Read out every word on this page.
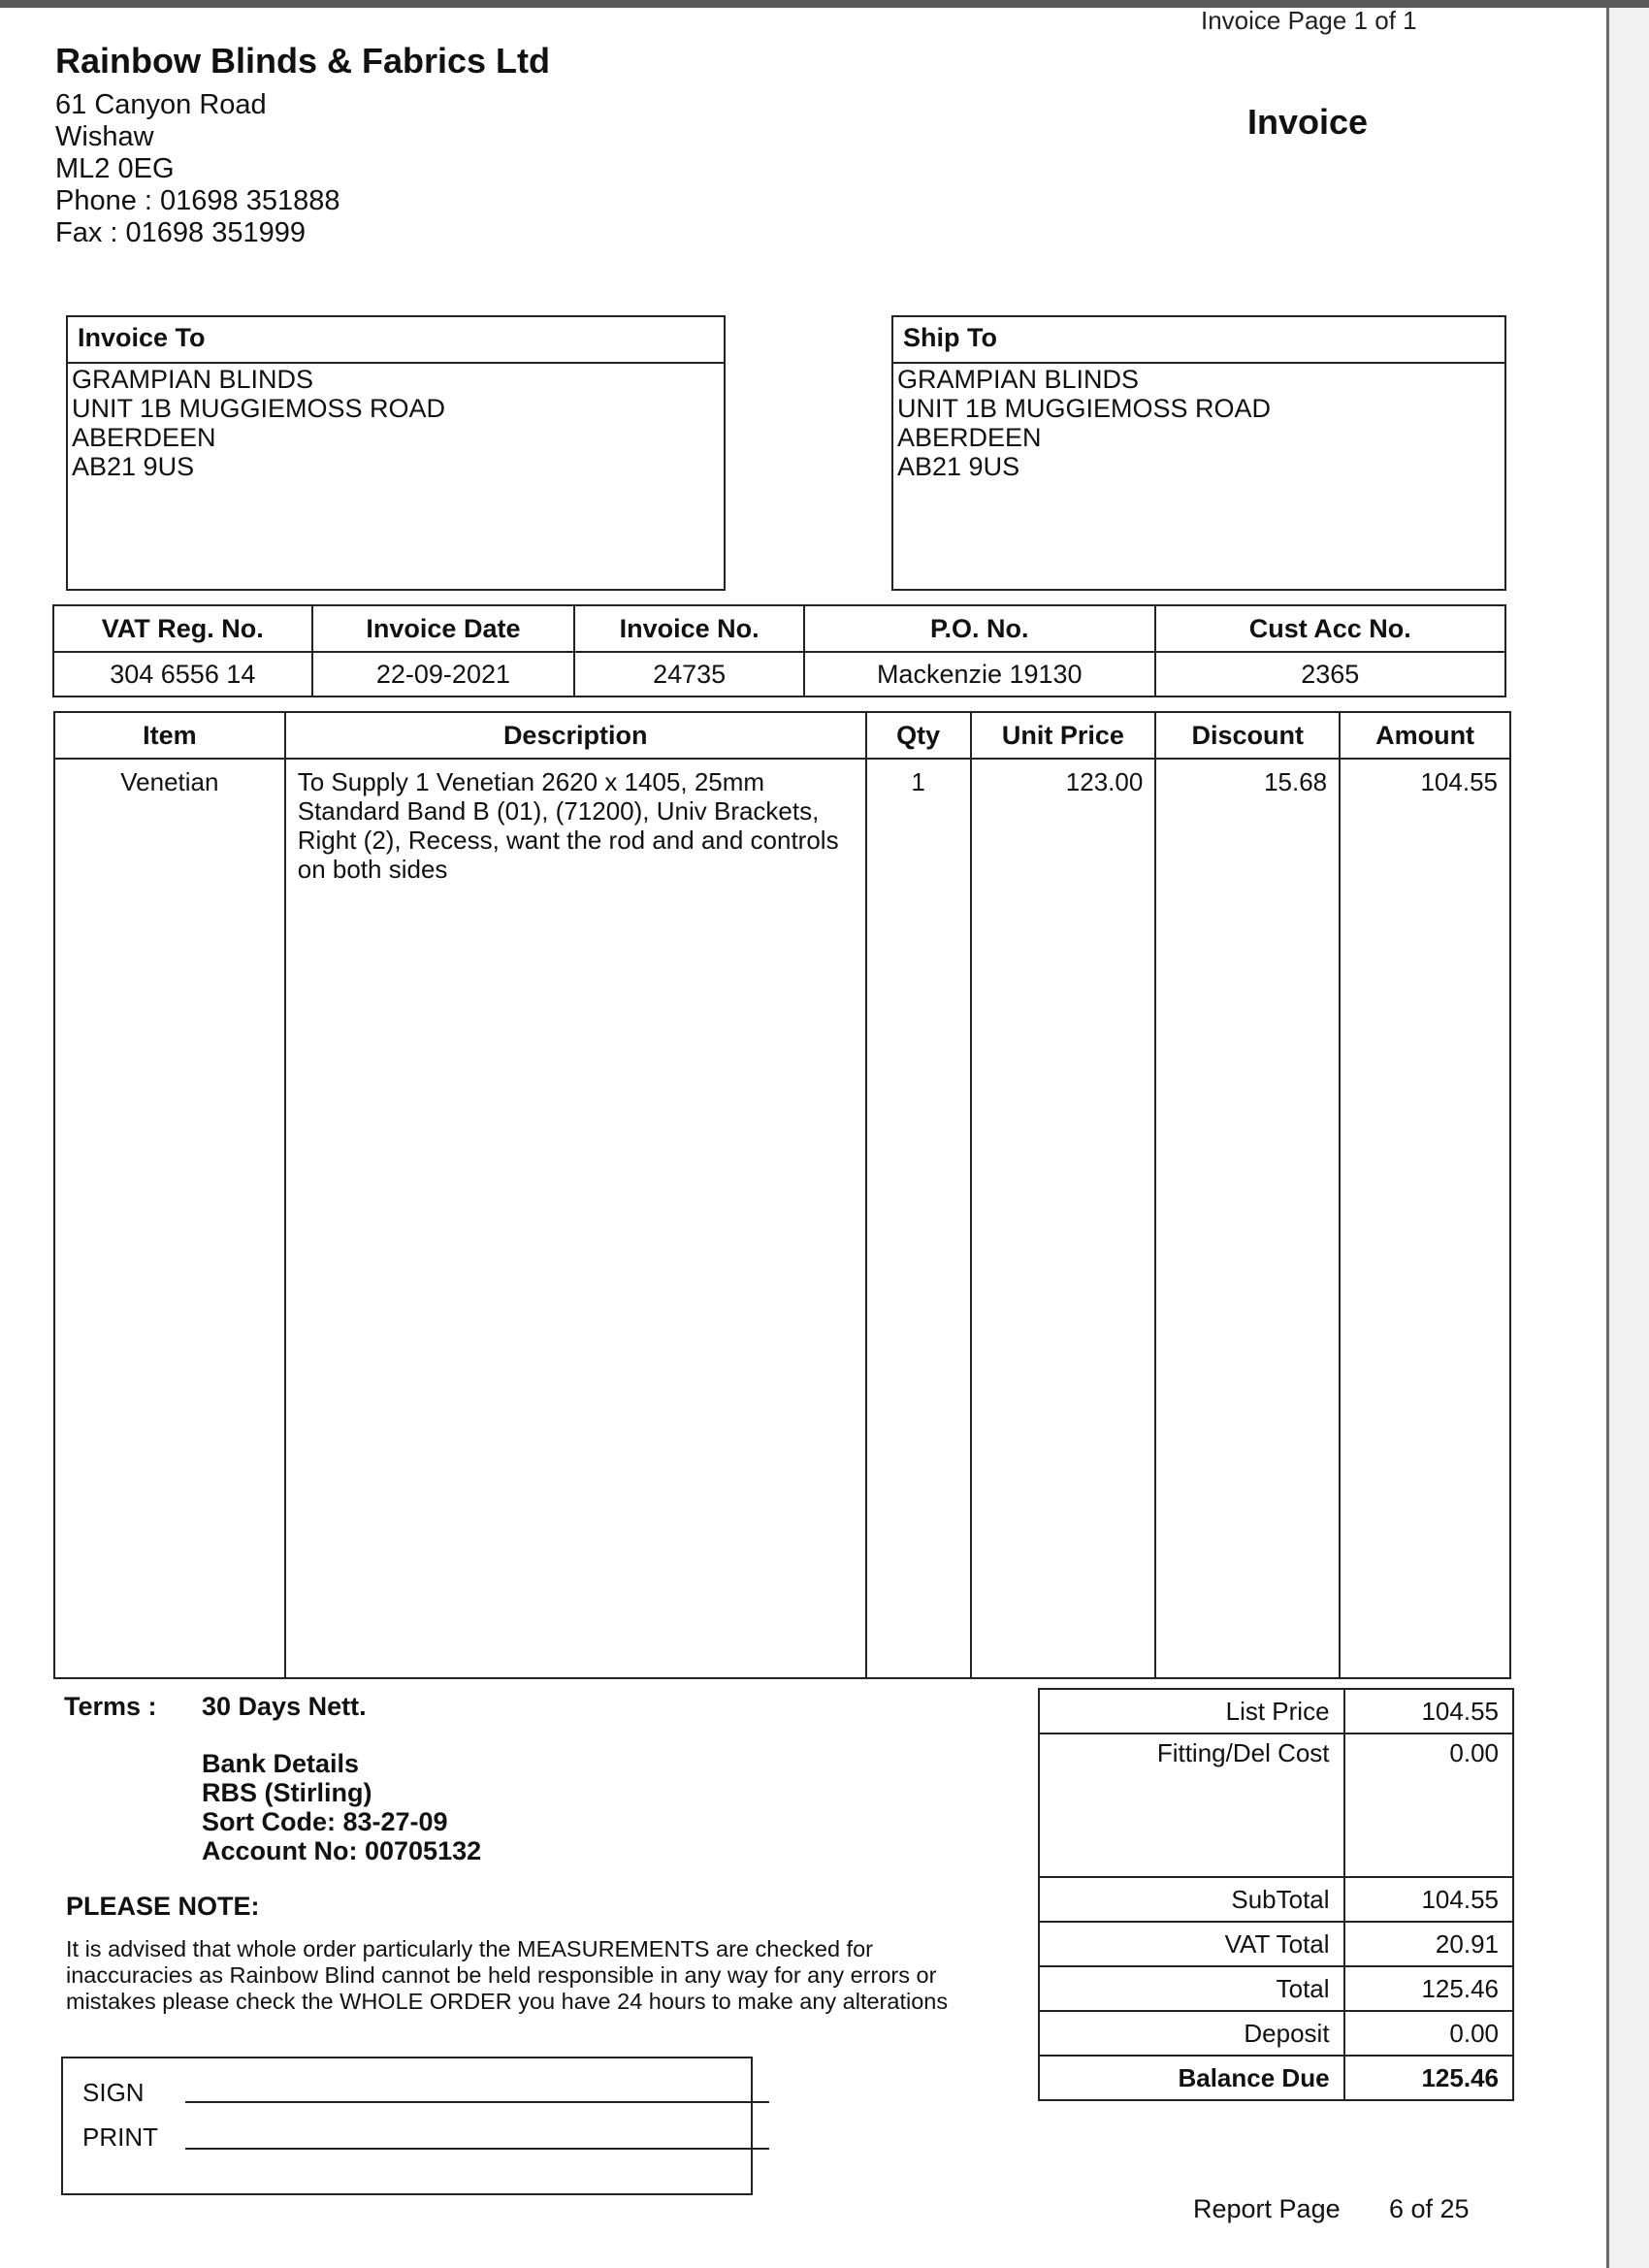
Invoice Page 1 of 1
Rainbow Blinds & Fabrics Ltd
61 Canyon Road
Wishaw
ML2 0EG
Phone : 01698 351888
Fax : 01698 351999
Invoice
Invoice To
GRAMPIAN BLINDS
UNIT 1B MUGGIEMOSS ROAD
ABERDEEN
AB21 9US
Ship To
GRAMPIAN BLINDS
UNIT 1B MUGGIEMOSS ROAD
ABERDEEN
AB21 9US
VAT Reg. No.	Invoice Date	Invoice No.	P.O. No.	Cust Acc No.
304 6556 14	22-09-2021	24735	Mackenzie 19130	2365
Item	Description	Qty	Unit Price	Discount	Amount
Venetian	To Supply 1 Venetian 2620 x 1405, 25mm
Standard Band B (01), (71200), Univ Brackets,
Right (2), Recess, want the rod and and controls
on both sides	1	123.00	15.68	104.55
Terms : 30 Days Nett.
Bank Details
RBS (Stirling)
Sort Code: 83-27-09
Account No: 00705132
PLEASE NOTE:
It is advised that whole order particularly the MEASUREMENTS are checked for
inaccuracies as Rainbow Blind cannot be held responsible in any way for any errors or
mistakes please check the WHOLE ORDER you have 24 hours to make any alterations
SIGN
PRINT
List Price	104.55
Fitting/Del Cost	0.00
SubTotal	104.55
VAT Total	20.91
Total	125.46
Deposit	0.00
Balance Due	125.46
Report Page 6 of 25
